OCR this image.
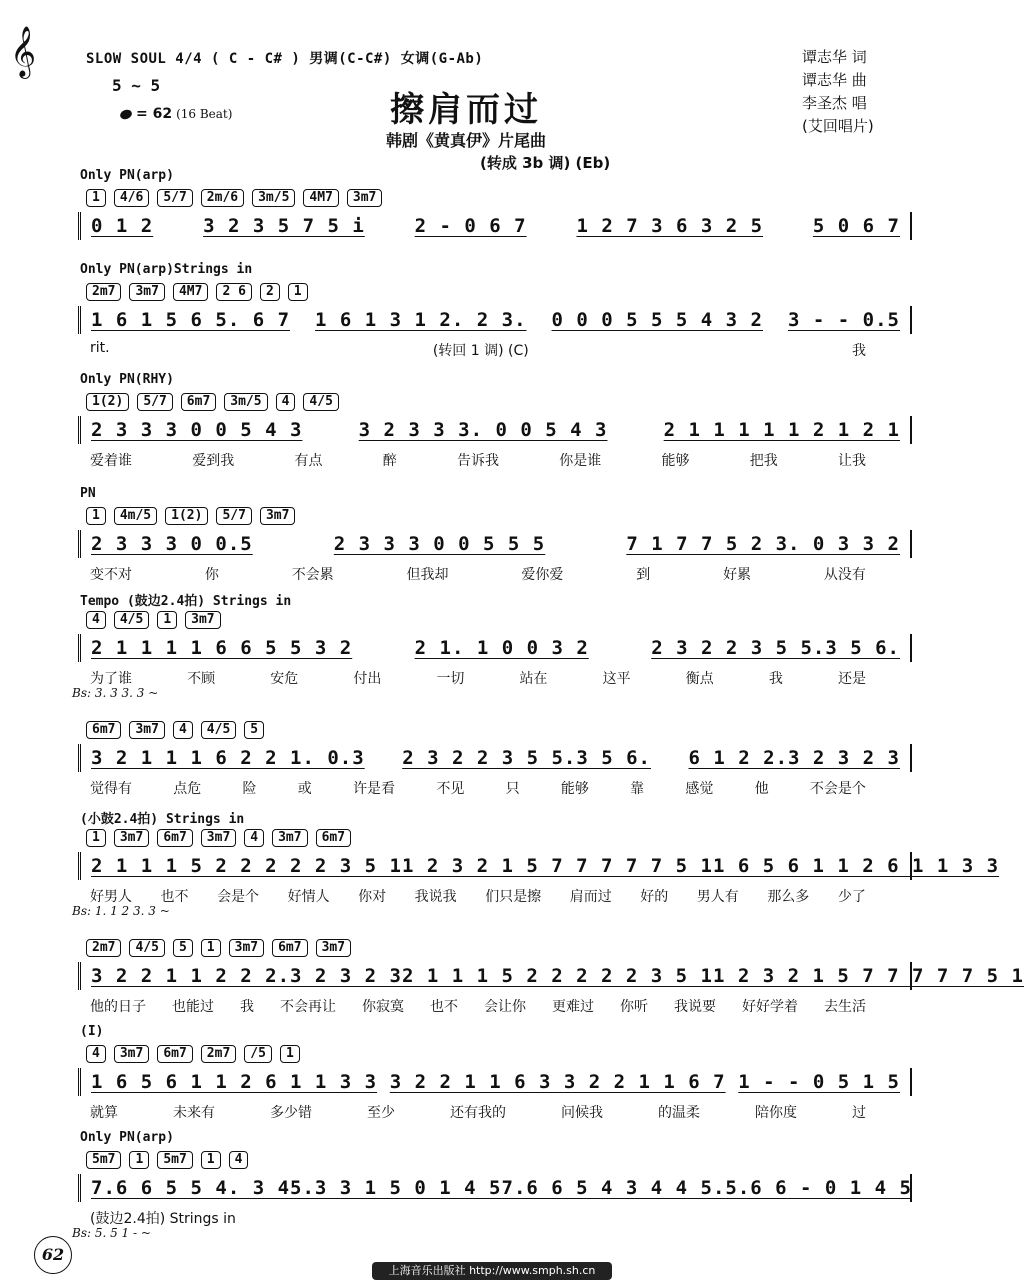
𝄞	SLOW SOUL 4/4 ( C - C# ) 男调(C-C#) 女调(G-Ab)
5 ~ 5
= 62 (16 Beat)	擦肩而过
韩剧《黄真伊》片尾曲
(转成 3b 调) (Eb)
谭志华 词
谭志华 曲
李圣杰 唱
(艾回唱片)
Only PN(arp)
1 4/6 5/7 2m/6 3m/5 4M7 3m7
0 1 2	3 2 3 5 7 5 i	2 - 0 6 7	1 2 7 3 6 3 2 5	5 0 6 7
Only PN(arp)Strings in
2m7 3m7 4M7 2 6 2 1
1 6 1 5 6 5. 6 7 1 6 1 3 1 2. 2 3. 0 0 0 5 5 5 4 3 2 3 - - 0.5
rit.	(转回 1 调) (C)	我
Only PN(RHY)
1(2) 5/7 6m7 3m/5 4 4/5
2 3 3 3 0 0 5 4 3	3 2 3 3 3. 0 0 5 4 3	2 1 1 1 1 1 2 1 2 1
爱着谁	爱到我	有点	醉	告诉我	你是谁	能够	把我	让我
PN
1 4m/5 1(2) 5/7 3m7
2 3 3 3 0 0.5	2 3 3 3 0 0 5 5 5	7 1 7 7 5 2 3. 0 3 3 2
变不对	你	不会累	但我却	爱你爱	到	好累	从没有
Tempo (鼓边2.4拍) Strings in
4 4/5 1 3m7
2 1 1 1 1 6 6 5 5 3 2	2 1. 1 0 0 3 2	2 3 2 2 3 5 5.3 5 6.
为了谁	不顾	安危	付出	一切	站在	这平	衡点	我	还是
Bs: 3. 3 3. 3 ~
6m7 3m7 4 4/5 5
3 2 1 1 1 6 2 2 1. 0.3 2 3 2 2 3 5 5.3 5 6. 6 1 2 2.3 2 3 2 3
觉得有	点危	险	或	许是看	不见	只	能够	靠	感觉	他	不会是个
(小鼓2.4拍) Strings in
1 3m7 6m7 3m7 4 3m7 6m7
2 1 1 1 5 2 2 2 2 2 3 5 1 1 2 3 2 1 5 7 7 7 7 7 5 1 1 6 5 6 1 1 2 6 1 1 3 3
好男人 也不 会是个 好情人 你对 我说我 们只是擦 肩而过 好的 男人有 那么多 少了
Bs: 1. 1 2 3. 3 ~
2m7 4/5 5 1 3m7 6m7 3m7
3 2 2 1 1 2 2 2.3 2 3 2 3 2 1 1 1 5 2 2 2 2 2 3 5 1 1 2 3 2 1 5 7 7 7 7 7 5 1
他的日子 也能过 我 不会再让 你寂寞 也不 会让你 更难过 你听 我说要 好好学着 去生活
(I)
4 3m7 6m7 2m7 /5 1
1 6 5 6 1 1 2 6 1 1 3 3 3 2 2 1 1 6 3 3 2 2 1 1 6 7 1 - - 0 5 1 5
就算	未来有	多少错	至少	还有我的	问候我	的温柔	陪你度	过
Only PN(arp)
5m7 1 5m7 1 4
7.6 6 5 5 4. 3 4 5.3 3 1 5 0 1 4 5 7.6 6 5 4 3 4 4 5. 5.6 6 - 0 1 4 5
(鼓边2.4拍) Strings in
Bs: 5. 5 1 - ~
62
上海音乐出版社 http://www.smph.sh.cn
